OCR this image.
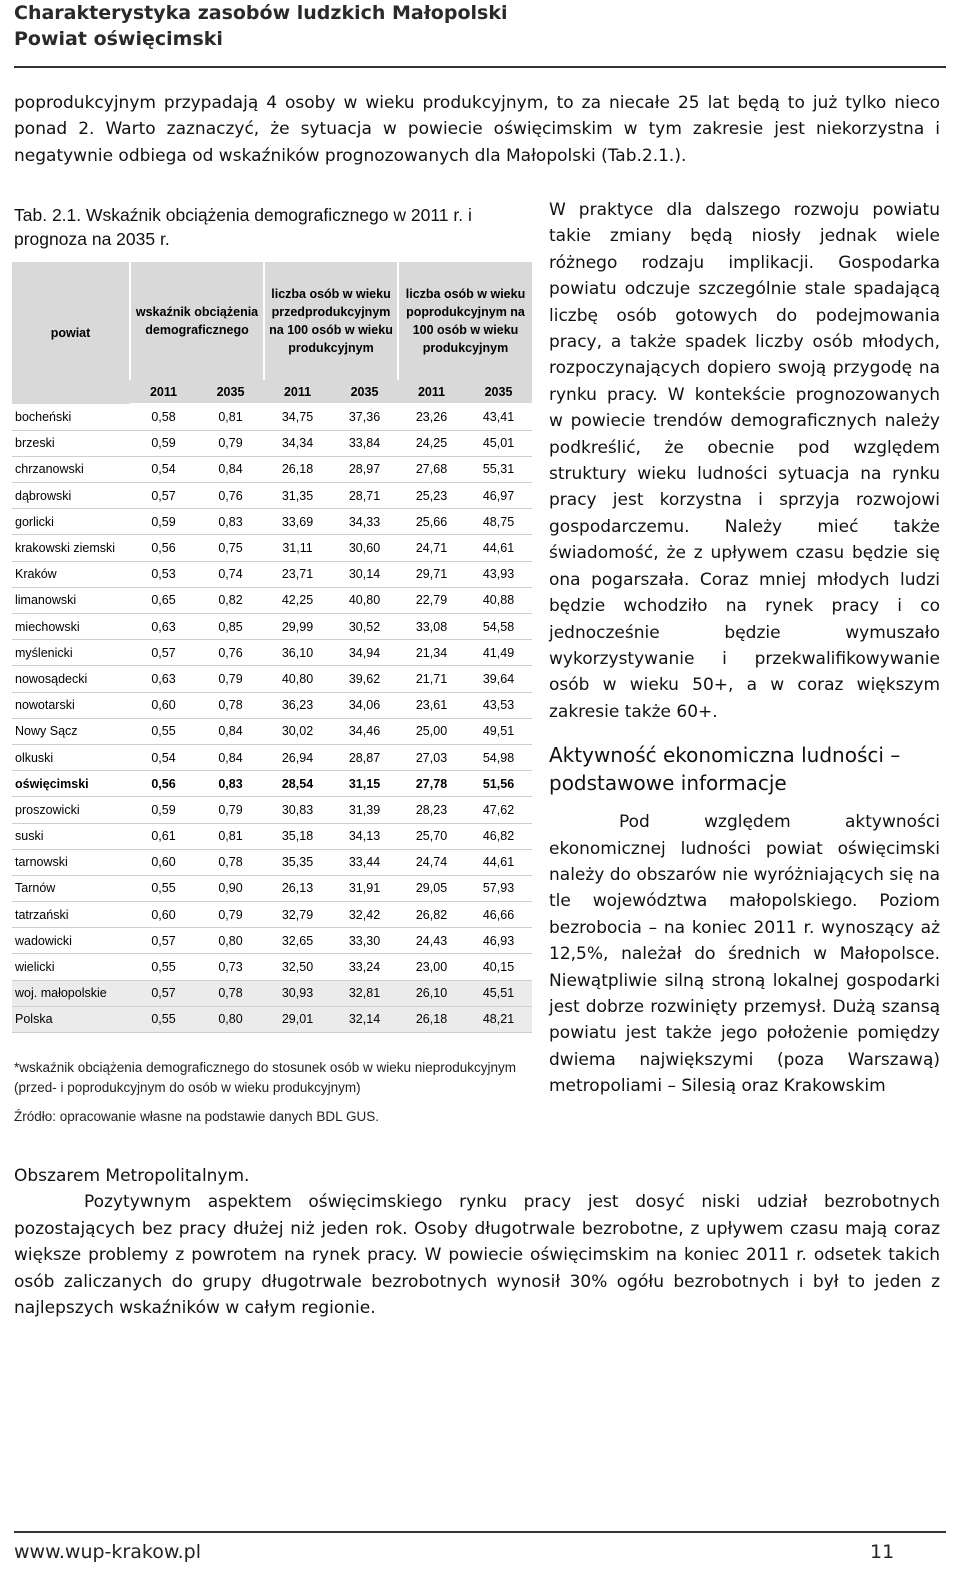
Charakterystyka zasobów ludzkich Małopolski
Powiat oświęcimski

poprodukcyjnym przypadają 4 osoby w wieku produkcyjnym, to za niecałe 25 lat będą to już tylko nieco ponad 2. Warto zaznaczyć, że sytuacja w powiecie oświęcimskim w tym zakresie jest niekorzystna i negatywnie odbiega od wskaźników prognozowanych dla Małopolski (Tab.2.1.).

Tab. 2.1. Wskaźnik obciążenia demograficznego w 2011 r. i prognoza na 2035 r.
powiat	wskaźnik obciążenia demograficznego		liczba osób w wieku przedprodukcyjnym na 100 osób w wieku produkcyjnym		liczba osób w wieku poprodukcyjnym na 100 osób w wieku produkcyjnym	
	2011	2035	2011	2035	2011	2035
bocheński	0,58	0,81	34,75	37,36	23,26	43,41
brzeski	0,59	0,79	34,34	33,84	24,25	45,01
chrzanowski	0,54	0,84	26,18	28,97	27,68	55,31
dąbrowski	0,57	0,76	31,35	28,71	25,23	46,97
gorlicki	0,59	0,83	33,69	34,33	25,66	48,75
krakowski ziemski	0,56	0,75	31,11	30,60	24,71	44,61
Kraków	0,53	0,74	23,71	30,14	29,71	43,93
limanowski	0,65	0,82	42,25	40,80	22,79	40,88
miechowski	0,63	0,85	29,99	30,52	33,08	54,58
myślenicki	0,57	0,76	36,10	34,94	21,34	41,49
nowosądecki	0,63	0,79	40,80	39,62	21,71	39,64
nowotarski	0,60	0,78	36,23	34,06	23,61	43,53
Nowy Sącz	0,55	0,84	30,02	34,46	25,00	49,51
olkuski	0,54	0,84	26,94	28,87	27,03	54,98
oświęcimski	0,56	0,83	28,54	31,15	27,78	51,56
proszowicki	0,59	0,79	30,83	31,39	28,23	47,62
suski	0,61	0,81	35,18	34,13	25,70	46,82
tarnowski	0,60	0,78	35,35	33,44	24,74	44,61
Tarnów	0,55	0,90	26,13	31,91	29,05	57,93
tatrzański	0,60	0,79	32,79	32,42	26,82	46,66
wadowicki	0,57	0,80	32,65	33,30	24,43	46,93
wielicki	0,55	0,73	32,50	33,24	23,00	40,15
woj. małopolskie	0,57	0,78	30,93	32,81	26,10	45,51
Polska	0,55	0,80	29,01	32,14	26,18	48,21
*wskaźnik obciążenia demograficznego do stosunek osób w wieku nieprodukcyjnym (przed- i poprodukcyjnym do osób w wieku produkcyjnym)
Źródło: opracowanie własne na podstawie danych BDL GUS.

W praktyce dla dalszego rozwoju powiatu takie zmiany będą niosły jednak wiele różnego rodzaju implikacji. Gospodarka powiatu odczuje szczególnie stale spadającą liczbę osób gotowych do podejmowania pracy, a także spadek liczby osób młodych, rozpoczynających dopiero swoją przygodę na rynku pracy. W kontekście prognozowanych w powiecie trendów demograficznych należy podkreślić, że obecnie pod względem struktury wieku ludności sytuacja na rynku pracy jest korzystna i sprzyja rozwojowi gospodarczemu. Należy mieć także świadomość, że z upływem czasu będzie się ona pogarszała. Coraz mniej młodych ludzi będzie wchodziło na rynek pracy i co jednocześnie będzie wymuszało wykorzystywanie i przekwalifikowywanie osób w wieku 50+, a w coraz większym zakresie także 60+.

Aktywność ekonomiczna ludności – podstawowe informacje

Pod względem aktywności ekonomicznej ludności powiat oświęcimski należy do obszarów nie wyróżniających się na tle województwa małopolskiego. Poziom bezrobocia – na koniec 2011 r. wynoszący aż 12,5%, należał do średnich w Małopolsce. Niewątpliwie silną stroną lokalnej gospodarki jest dobrze rozwinięty przemysł. Dużą szansą powiatu jest także jego położenie pomiędzy dwiema największymi (poza Warszawą) metropoliami – Silesią oraz Krakowskim

Obszarem Metropolitalnym.

Pozytywnym aspektem oświęcimskiego rynku pracy jest dosyć niski udział bezrobotnych pozostających bez pracy dłużej niż jeden rok. Osoby długotrwale bezrobotne, z upływem czasu mają coraz większe problemy z powrotem na rynek pracy. W powiecie oświęcimskim na koniec 2011 r. odsetek takich osób zaliczanych do grupy długotrwale bezrobotnych wynosił 30% ogółu bezrobotnych i był to jeden z najlepszych wskaźników w całym regionie.

www.wup-krakow.pl	11
